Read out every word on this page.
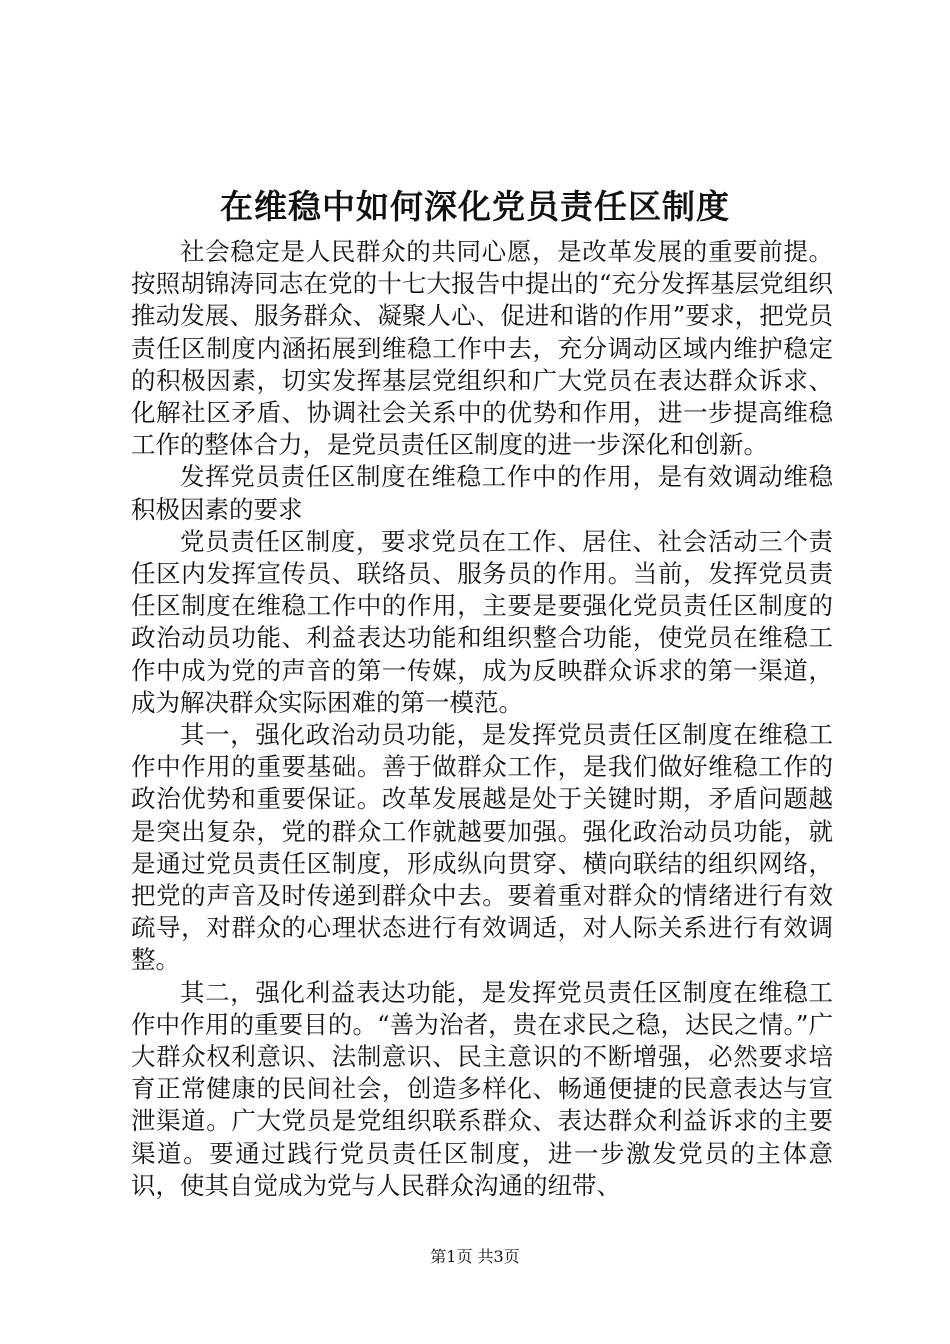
在维稳中如何深化党员责任区制度

社会稳定是人民群众的共同心愿，是改革发展的重要前提。按照胡锦涛同志在党的十七大报告中提出的“充分发挥基层党组织推动发展、服务群众、凝聚人心、促进和谐的作用”要求，把党员责任区制度内涵拓展到维稳工作中去，充分调动区域内维护稳定的积极因素，切实发挥基层党组织和广大党员在表达群众诉求、化解社区矛盾、协调社会关系中的优势和作用，进一步提高维稳工作的整体合力，是党员责任区制度的进一步深化和创新。

发挥党员责任区制度在维稳工作中的作用，是有效调动维稳积极因素的要求

党员责任区制度，要求党员在工作、居住、社会活动三个责任区内发挥宣传员、联络员、服务员的作用。当前，发挥党员责任区制度在维稳工作中的作用，主要是要强化党员责任区制度的政治动员功能、利益表达功能和组织整合功能，使党员在维稳工作中成为党的声音的第一传媒，成为反映群众诉求的第一渠道，成为解决群众实际困难的第一模范。

其一，强化政治动员功能，是发挥党员责任区制度在维稳工作中作用的重要基础。善于做群众工作，是我们做好维稳工作的政治优势和重要保证。改革发展越是处于关键时期，矛盾问题越是突出复杂，党的群众工作就越要加强。强化政治动员功能，就是通过党员责任区制度，形成纵向贯穿、横向联结的组织网络，把党的声音及时传递到群众中去。要着重对群众的情绪进行有效疏导，对群众的心理状态进行有效调适，对人际关系进行有效调整。

其二，强化利益表达功能，是发挥党员责任区制度在维稳工作中作用的重要目的。“善为治者，贵在求民之稳，达民之情。”广大群众权利意识、法制意识、民主意识的不断增强，必然要求培育正常健康的民间社会，创造多样化、畅通便捷的民意表达与宣泄渠道。广大党员是党组织联系群众、表达群众利益诉求的主要渠道。要通过践行党员责任区制度，进一步激发党员的主体意识，使其自觉成为党与人民群众沟通的纽带、

第1页 共3页
